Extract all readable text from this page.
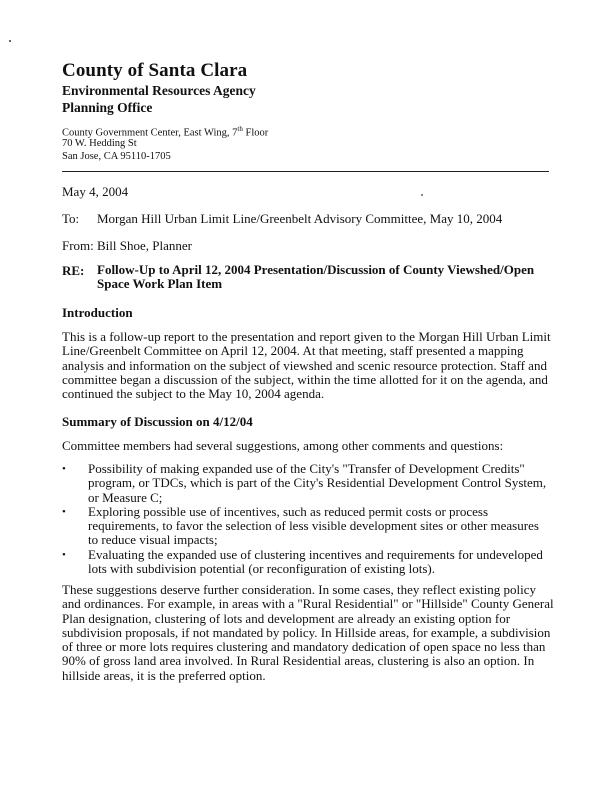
County of Santa Clara
Environmental Resources Agency
Planning Office
County Government Center, East Wing, 7th Floor
70 W. Hedding St
San Jose, CA 95110-1705
May 4, 2004
To: Morgan Hill Urban Limit Line/Greenbelt Advisory Committee, May 10, 2004
From: Bill Shoe, Planner
RE: Follow-Up to April 12, 2004 Presentation/Discussion of County Viewshed/Open Space Work Plan Item
Introduction
This is a follow-up report to the presentation and report given to the Morgan Hill Urban Limit Line/Greenbelt Committee on April 12, 2004. At that meeting, staff presented a mapping analysis and information on the subject of viewshed and scenic resource protection. Staff and committee began a discussion of the subject, within the time allotted for it on the agenda, and continued the subject to the May 10, 2004 agenda.
Summary of Discussion on 4/12/04
Committee members had several suggestions, among other comments and questions:
• Possibility of making expanded use of the City's "Transfer of Development Credits" program, or TDCs, which is part of the City's Residential Development Control System, or Measure C;
• Exploring possible use of incentives, such as reduced permit costs or process requirements, to favor the selection of less visible development sites or other measures to reduce visual impacts;
• Evaluating the expanded use of clustering incentives and requirements for undeveloped lots with subdivision potential (or reconfiguration of existing lots).
These suggestions deserve further consideration. In some cases, they reflect existing policy and ordinances. For example, in areas with a "Rural Residential" or "Hillside" County General Plan designation, clustering of lots and development are already an existing option for subdivision proposals, if not mandated by policy. In Hillside areas, for example, a subdivision of three or more lots requires clustering and mandatory dedication of open space no less than 90% of gross land area involved. In Rural Residential areas, clustering is also an option. In hillside areas, it is the preferred option.
